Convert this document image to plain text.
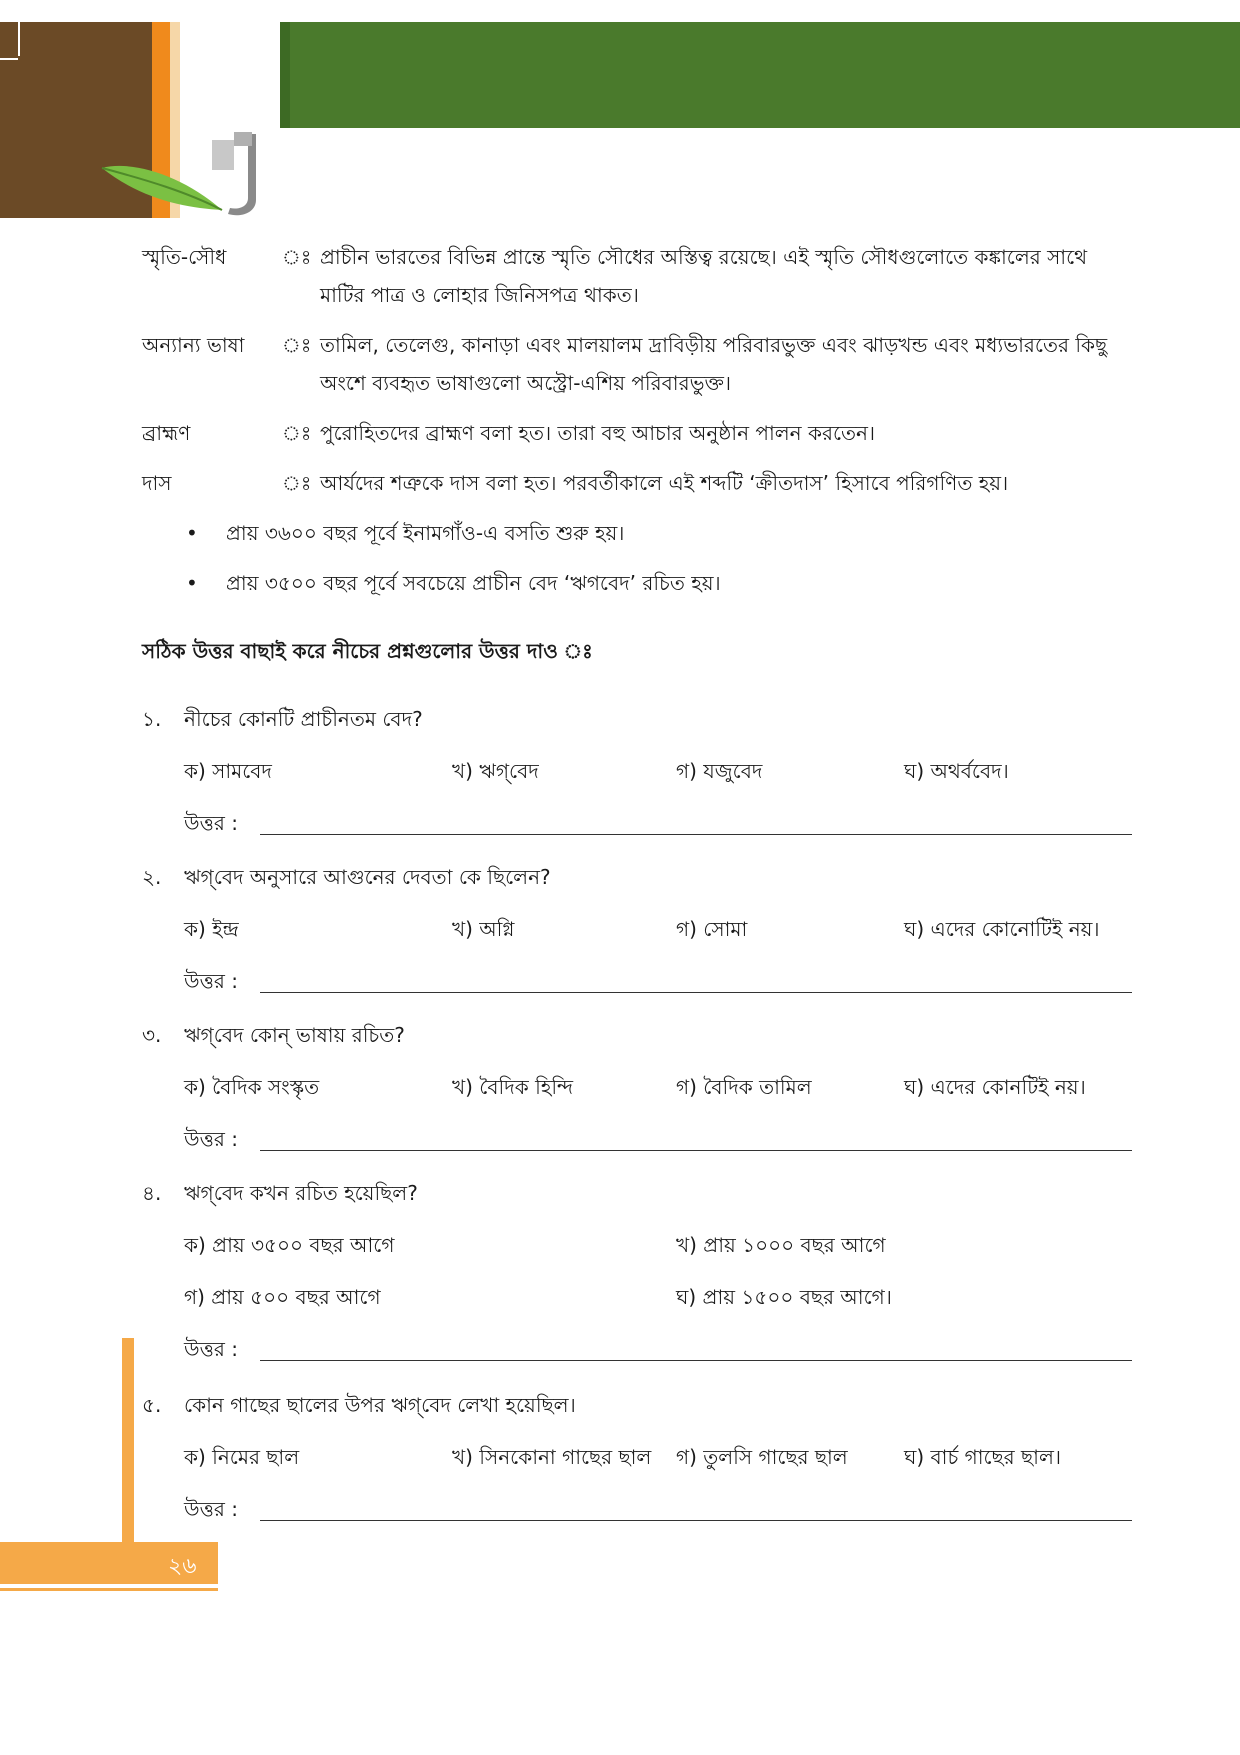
স্মৃতি-সৌধ	ঃ প্রাচীন ভারতের বিভিন্ন প্রান্তে স্মৃতি সৌধের অস্তিত্ব রয়েছে। এই স্মৃতি সৌধগুলোতে কঙ্কালের সাথে মাটির পাত্র ও লোহার জিনিসপত্র থাকত।
অন্যান্য ভাষা	ঃ তামিল, তেলেগু, কানাড়া এবং মালয়ালম দ্রাবিড়ীয় পরিবারভুক্ত এবং ঝাড়খন্ড এবং মধ্যভারতের কিছু অংশে ব্যবহৃত ভাষাগুলো অস্ট্রো-এশিয় পরিবারভুক্ত।
ব্রাহ্মণ	ঃ পুরোহিতদের ব্রাহ্মণ বলা হত। তারা বহু আচার অনুষ্ঠান পালন করতেন।
দাস	ঃ আর্যদের শত্রুকে দাস বলা হত। পরবর্তীকালে এই শব্দটি ‘ক্রীতদাস’ হিসাবে পরিগণিত হয়।
• প্রায় ৩৬০০ বছর পূর্বে ইনামগাঁও-এ বসতি শুরু হয়।
• প্রায় ৩৫০০ বছর পূর্বে সবচেয়ে প্রাচীন বেদ ‘ঋগবেদ’ রচিত হয়।
সঠিক উত্তর বাছাই করে নীচের প্রশ্নগুলোর উত্তর দাও ঃ
১.	নীচের কোনটি প্রাচীনতম বেদ?
ক) সামবেদ	খ) ঋগ্‌বেদ	গ) যজুবেদ	ঘ) অথর্ববেদ।
উত্তর :
২.	ঋগ্‌বেদ অনুসারে আগুনের দেবতা কে ছিলেন?
ক) ইন্দ্র	খ) অগ্নি	গ) সোমা	ঘ) এদের কোনোটিই নয়।
উত্তর :
৩.	ঋগ্‌বেদ কোন্‌ ভাষায় রচিত?
ক) বৈদিক সংস্কৃত	খ) বৈদিক হিন্দি	গ) বৈদিক তামিল	ঘ) এদের কোনটিই নয়।
উত্তর :
৪.	ঋগ্‌বেদ কখন রচিত হয়েছিল?
ক) প্রায় ৩৫০০ বছর আগে	খ) প্রায় ১০০০ বছর আগে
গ) প্রায় ৫০০ বছর আগে	ঘ) প্রায় ১৫০০ বছর আগে।
উত্তর :
৫.	কোন গাছের ছালের উপর ঋগ্‌বেদ লেখা হয়েছিল।
ক) নিমের ছাল	খ) সিনকোনা গাছের ছাল গ) তুলসি গাছের ছাল	ঘ) বার্চ গাছের ছাল।
উত্তর :
২৬
